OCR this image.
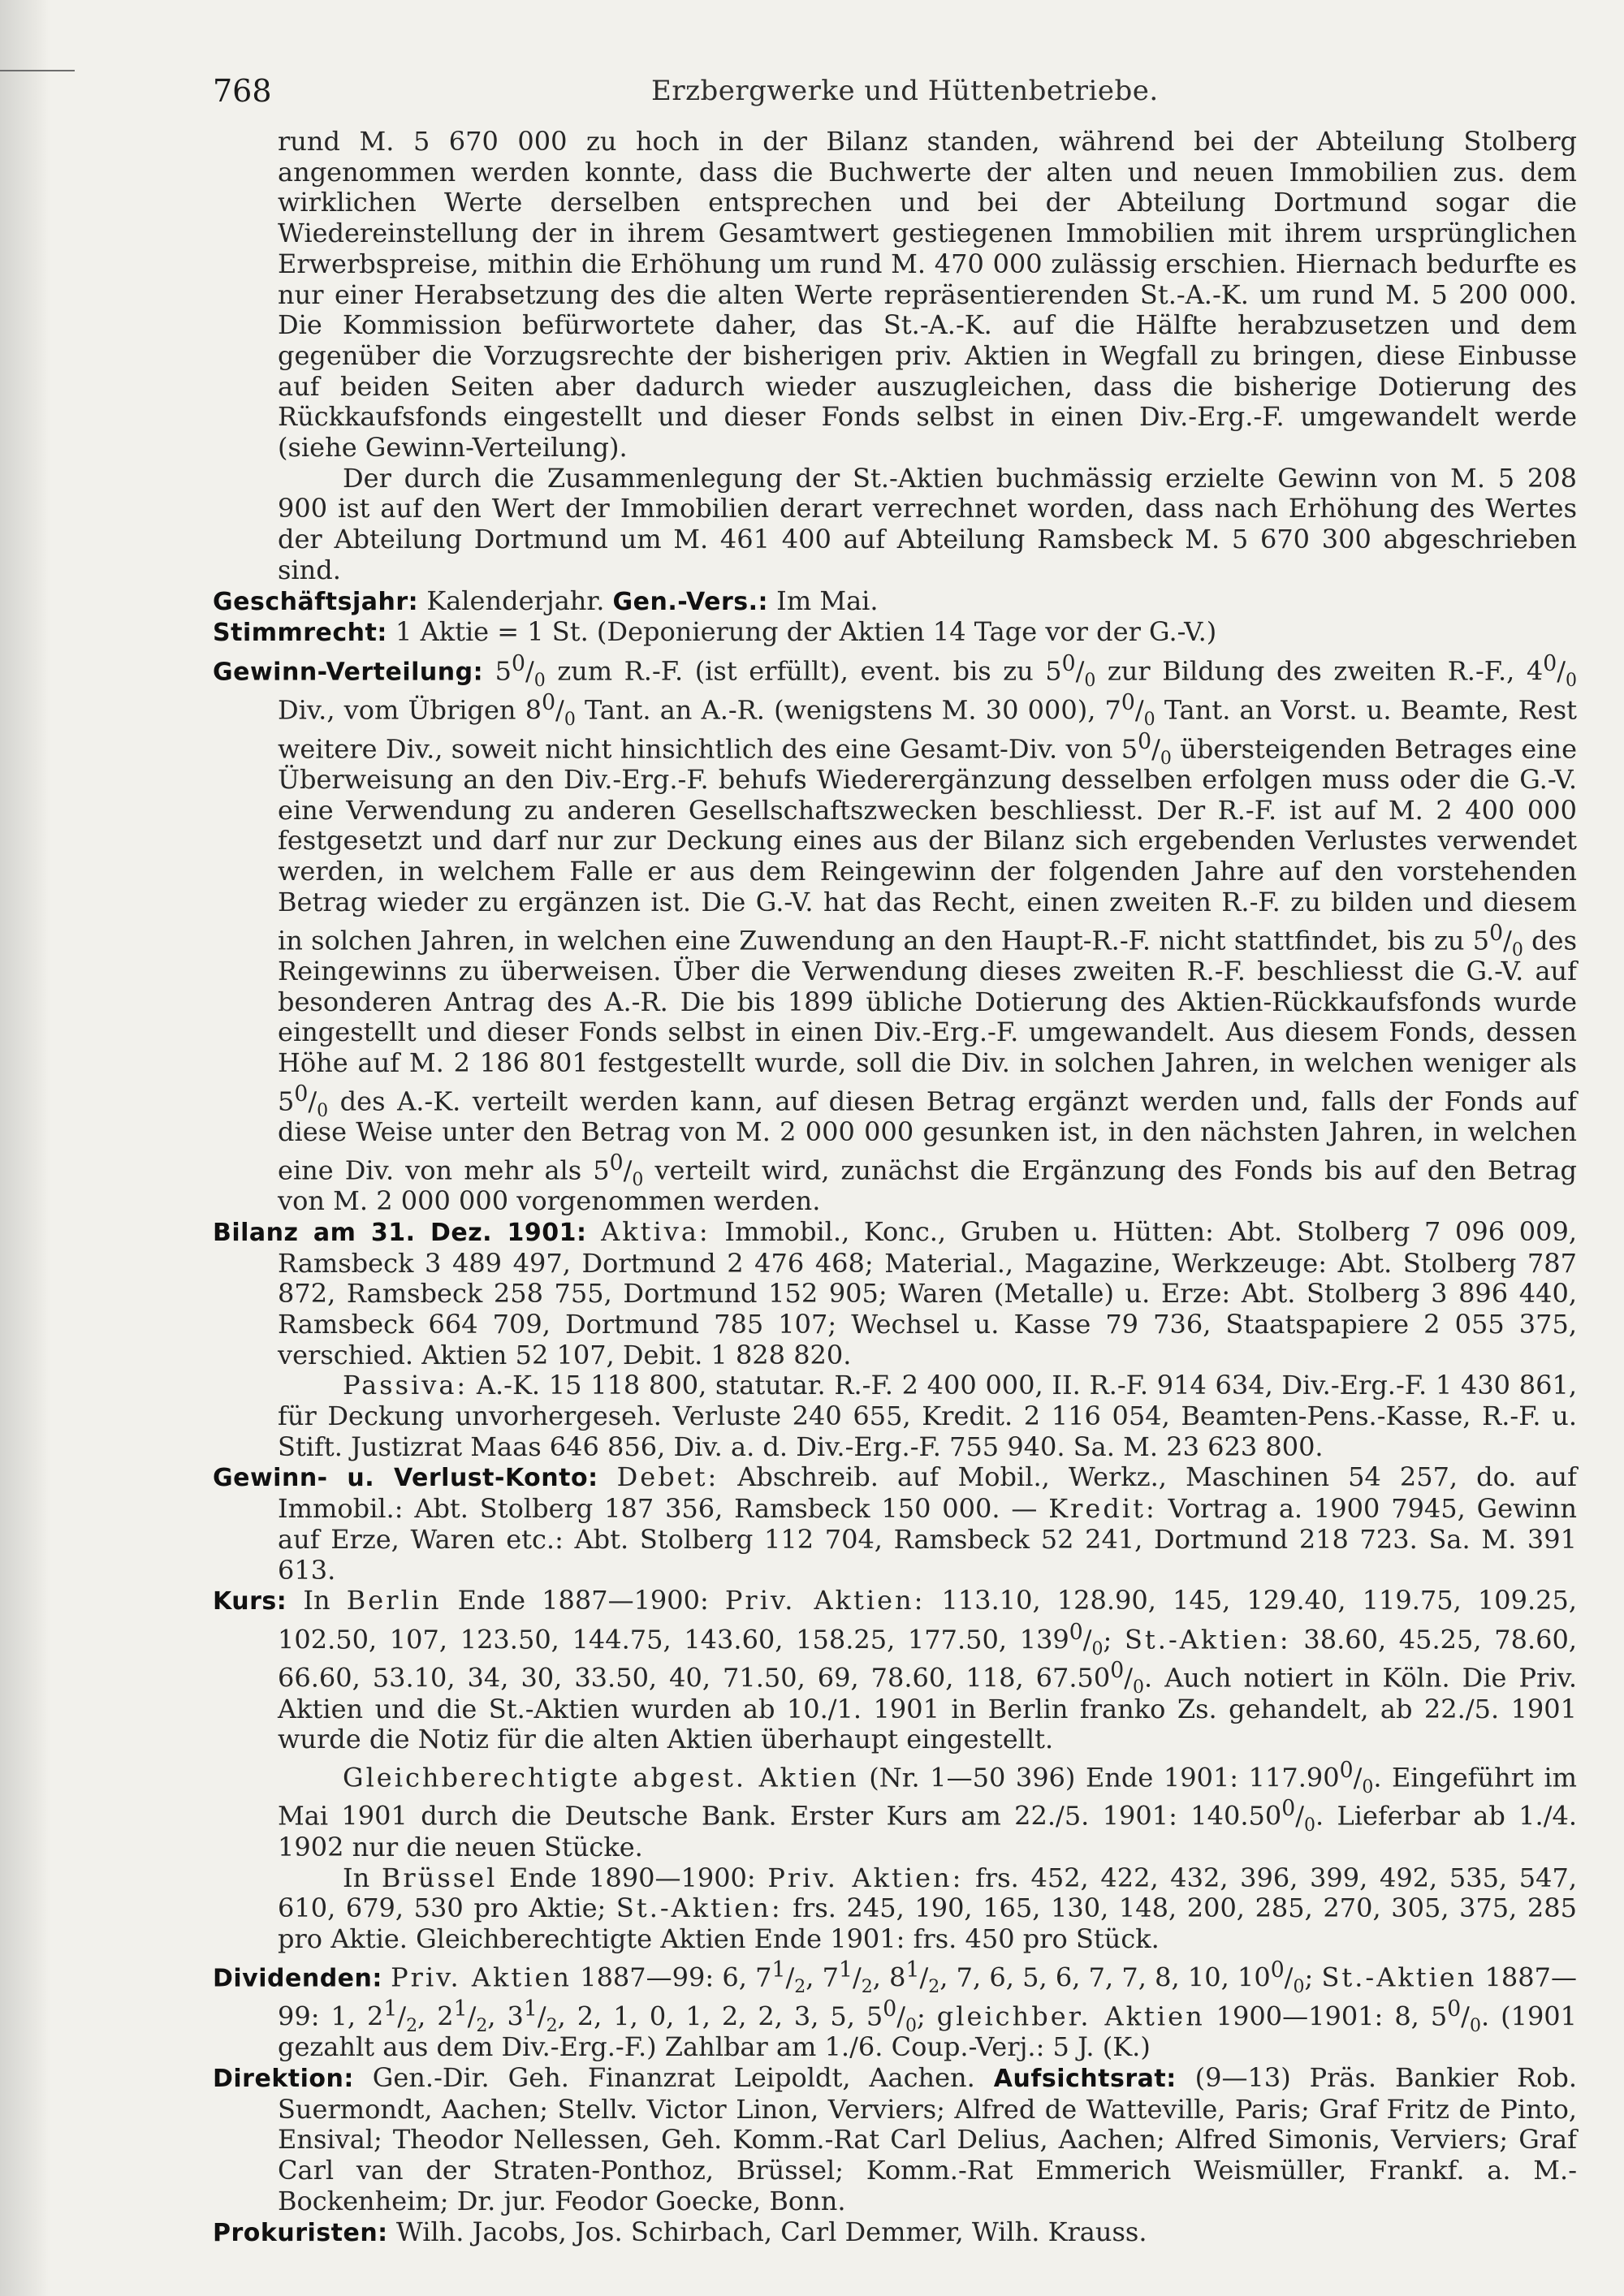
768	Erzbergwerke und Hüttenbetriebe.

rund M. 5 670 000 zu hoch in der Bilanz standen, während bei der Abteilung Stolberg angenommen werden konnte, dass die Buchwerte der alten und neuen Immobilien zus. dem wirklichen Werte derselben entsprechen und bei der Abteilung Dortmund sogar die Wiedereinstellung der in ihrem Gesamtwert gestiegenen Immobilien mit ihrem ursprünglichen Erwerbspreise, mithin die Erhöhung um rund M. 470 000 zulässig erschien. Hiernach bedurfte es nur einer Herabsetzung des die alten Werte repräsentierenden St.-A.-K. um rund M. 5 200 000. Die Kommission befürwortete daher, das St.-A.-K. auf die Hälfte herabzusetzen und dem gegenüber die Vorzugsrechte der bisherigen priv. Aktien in Wegfall zu bringen, diese Einbusse auf beiden Seiten aber dadurch wieder auszugleichen, dass die bisherige Dotierung des Rückkaufsfonds eingestellt und dieser Fonds selbst in einen Div.-Erg.-F. umgewandelt werde (siehe Gewinn-Verteilung).

Der durch die Zusammenlegung der St.-Aktien buchmässig erzielte Gewinn von M. 5 208 900 ist auf den Wert der Immobilien derart verrechnet worden, dass nach Erhöhung des Wertes der Abteilung Dortmund um M. 461 400 auf Abteilung Ramsbeck M. 5 670 300 abgeschrieben sind.

Geschäftsjahr: Kalenderjahr. Gen.-Vers.: Im Mai.

Stimmrecht: 1 Aktie = 1 St. (Deponierung der Aktien 14 Tage vor der G.-V.)

Gewinn-Verteilung: $5^0/_0$ zum R.-F. (ist erfüllt), event. bis zu $5^0/_0$ zur Bildung des zweiten R.-F., $4^0/_0$ Div., vom Übrigen $8^0/_0$ Tant. an A.-R. (wenigstens M. 30 000), $7^0/_0$ Tant. an Vorst. u. Beamte, Rest weitere Div., soweit nicht hinsichtlich des eine Gesamt-Div. von $5^0/_0$ übersteigenden Betrages eine Überweisung an den Div.-Erg.-F. behufs Wiederergänzung desselben erfolgen muss oder die G.-V. eine Verwendung zu anderen Gesellschaftszwecken beschliesst. Der R.-F. ist auf M. 2 400 000 festgesetzt und darf nur zur Deckung eines aus der Bilanz sich ergebenden Verlustes verwendet werden, in welchem Falle er aus dem Reingewinn der folgenden Jahre auf den vorstehenden Betrag wieder zu ergänzen ist. Die G.-V. hat das Recht, einen zweiten R.-F. zu bilden und diesem in solchen Jahren, in welchen eine Zuwendung an den Haupt-R.-F. nicht stattfindet, bis zu $5^0/_0$ des Reingewinns zu überweisen. Über die Verwendung dieses zweiten R.-F. beschliesst die G.-V. auf besonderen Antrag des A.-R. Die bis 1899 übliche Dotierung des Aktien-Rückkaufsfonds wurde eingestellt und dieser Fonds selbst in einen Div.-Erg.-F. umgewandelt. Aus diesem Fonds, dessen Höhe auf M. 2 186 801 festgestellt wurde, soll die Div. in solchen Jahren, in welchen weniger als $5^0/_0$ des A.-K. verteilt werden kann, auf diesen Betrag ergänzt werden und, falls der Fonds auf diese Weise unter den Betrag von M. 2 000 000 gesunken ist, in den nächsten Jahren, in welchen eine Div. von mehr als $5^0/_0$ verteilt wird, zunächst die Ergänzung des Fonds bis auf den Betrag von M. 2 000 000 vorgenommen werden.

Bilanz am 31. Dez. 1901: Aktiva: Immobil., Konc., Gruben u. Hütten: Abt. Stolberg 7 096 009, Ramsbeck 3 489 497, Dortmund 2 476 468; Material., Magazine, Werkzeuge: Abt. Stolberg 787 872, Ramsbeck 258 755, Dortmund 152 905; Waren (Metalle) u. Erze: Abt. Stolberg 3 896 440, Ramsbeck 664 709, Dortmund 785 107; Wechsel u. Kasse 79 736, Staatspapiere 2 055 375, verschied. Aktien 52 107, Debit. 1 828 820.

Passiva: A.-K. 15 118 800, statutar. R.-F. 2 400 000, II. R.-F. 914 634, Div.-Erg.-F. 1 430 861, für Deckung unvorhergeseh. Verluste 240 655, Kredit. 2 116 054, Beamten-Pens.-Kasse, R.-F. u. Stift. Justizrat Maas 646 856, Div. a. d. Div.-Erg.-F. 755 940. Sa. M. 23 623 800.

Gewinn- u. Verlust-Konto: Debet: Abschreib. auf Mobil., Werkz., Maschinen 54 257, do. auf Immobil.: Abt. Stolberg 187 356, Ramsbeck 150 000. — Kredit: Vortrag a. 1900 7945, Gewinn auf Erze, Waren etc.: Abt. Stolberg 112 704, Ramsbeck 52 241, Dortmund 218 723. Sa. M. 391 613.

Kurs: In Berlin Ende 1887—1900: Priv. Aktien: 113.10, 128.90, 145, 129.40, 119.75, 109.25, 102.50, 107, 123.50, 144.75, 143.60, 158.25, 177.50, $139^0/_0$; St.-Aktien: 38.60, 45.25, 78.60, 66.60, 53.10, 34, 30, 33.50, 40, 71.50, 69, 78.60, 118, $67.50^0/_0$. Auch notiert in Köln. Die Priv. Aktien und die St.-Aktien wurden ab 10./1. 1901 in Berlin franko Zs. gehandelt, ab 22./5. 1901 wurde die Notiz für die alten Aktien überhaupt eingestellt.

Gleichberechtigte abgest. Aktien (Nr. 1—50 396) Ende 1901: $117.90^0/_0$. Eingeführt im Mai 1901 durch die Deutsche Bank. Erster Kurs am 22./5. 1901: $140.50^0/_0$. Lieferbar ab 1./4. 1902 nur die neuen Stücke.

In Brüssel Ende 1890—1900: Priv. Aktien: frs. 452, 422, 432, 396, 399, 492, 535, 547, 610, 679, 530 pro Aktie; St.-Aktien: frs. 245, 190, 165, 130, 148, 200, 285, 270, 305, 375, 285 pro Aktie. Gleichberechtigte Aktien Ende 1901: frs. 450 pro Stück.

Dividenden: Priv. Aktien 1887—99: 6, $7^1/_2$, $7^1/_2$, $8^1/_2$, 7, 6, 5, 6, 7, 7, 8, 10, $10^0/_0$; St.-Aktien 1887—99: 1, $2^1/_2$, $2^1/_2$, $3^1/_2$, 2, 1, 0, 1, 2, 2, 3, 5, $5^0/_0$; gleichber. Aktien 1900—1901: 8, $5^0/_0$. (1901 gezahlt aus dem Div.-Erg.-F.) Zahlbar am 1./6. Coup.-Verj.: 5 J. (K.)

Direktion: Gen.-Dir. Geh. Finanzrat Leipoldt, Aachen. Aufsichtsrat: (9—13) Präs. Bankier Rob. Suermondt, Aachen; Stellv. Victor Linon, Verviers; Alfred de Watteville, Paris; Graf Fritz de Pinto, Ensival; Theodor Nellessen, Geh. Komm.-Rat Carl Delius, Aachen; Alfred Simonis, Verviers; Graf Carl van der Straten-Ponthoz, Brüssel; Komm.-Rat Emmerich Weismüller, Frankf. a. M.-Bockenheim; Dr. jur. Feodor Goecke, Bonn.

Prokuristen: Wilh. Jacobs, Jos. Schirbach, Carl Demmer, Wilh. Krauss.
